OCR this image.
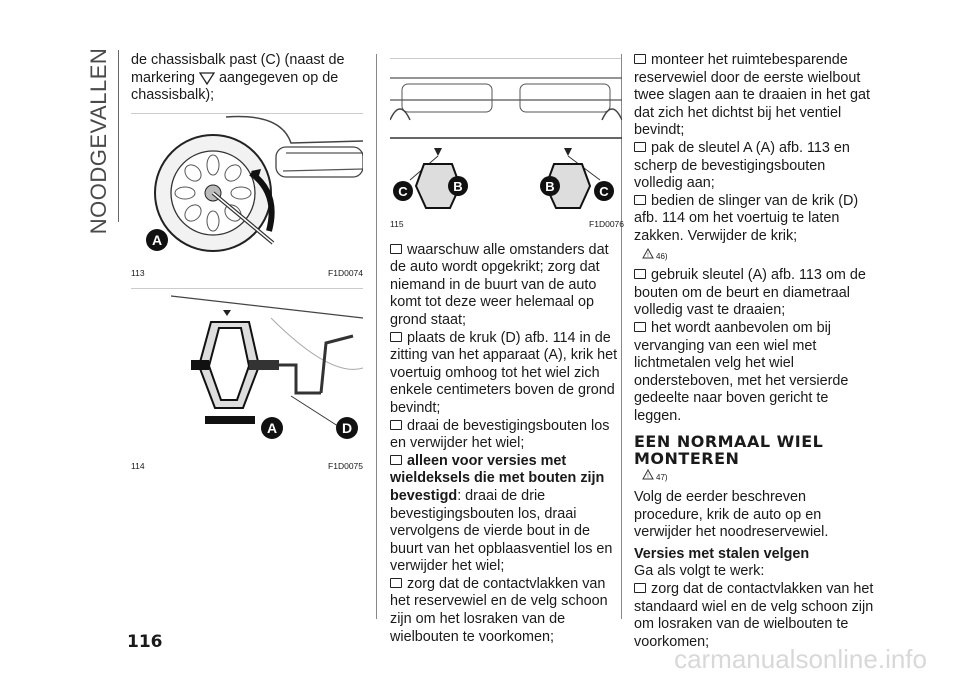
NOODGEVALLEN de chassisbalk past (C) (naast de markering aangegeven op de chassisbalk);

A
113	F1D0074
A	D
114	F1D0075
C	B	B	C
115	F1D0076

waarschuw alle omstanders dat de auto wordt opgekrikt; zorg dat niemand in de buurt van de auto komt tot deze weer helemaal op grond staat;

plaats de kruk (D) afb. 114 in de zitting van het apparaat (A), krik het voertuig omhoog tot het wiel zich enkele centimeters boven de grond bevindt;

draai de bevestigingsbouten los en verwijder het wiel;

alleen voor versies met wieldeksels die met bouten zijn bevestigd: draai de drie bevestigingsbouten los, draai vervolgens de vierde bout in de buurt van het opblaasventiel los en verwijder het wiel;

zorg dat de contactvlakken van het reservewiel en de velg schoon zijn om het losraken van de wielbouten te voorkomen;

monteer het ruimtebesparende reservewiel door de eerste wielbout twee slagen aan te draaien in het gat dat zich het dichtst bij het ventiel bevindt;

pak de sleutel A (A) afb. 113 en scherp de bevestigingsbouten volledig aan;

bedien de slinger van de krik (D) afb. 114 om het voertuig te laten zakken. Verwijder de krik;

! 46)

gebruik sleutel (A) afb. 113 om de bouten om de beurt en diametraal volledig vast te draaien;

het wordt aanbevolen om bij vervanging van een wiel met lichtmetalen velg het wiel ondersteboven, met het versierde gedeelte naar boven gericht te leggen.

EEN NORMAAL WIEL MONTEREN
! 47)

Volg de eerder beschreven procedure, krik de auto op en verwijder het noodreservewiel.

Versies met stalen velgen

Ga als volgt te werk:

zorg dat de contactvlakken van het standaard wiel en de velg schoon zijn om losraken van de wielbouten te voorkomen;

116
carmanualsonline.info
